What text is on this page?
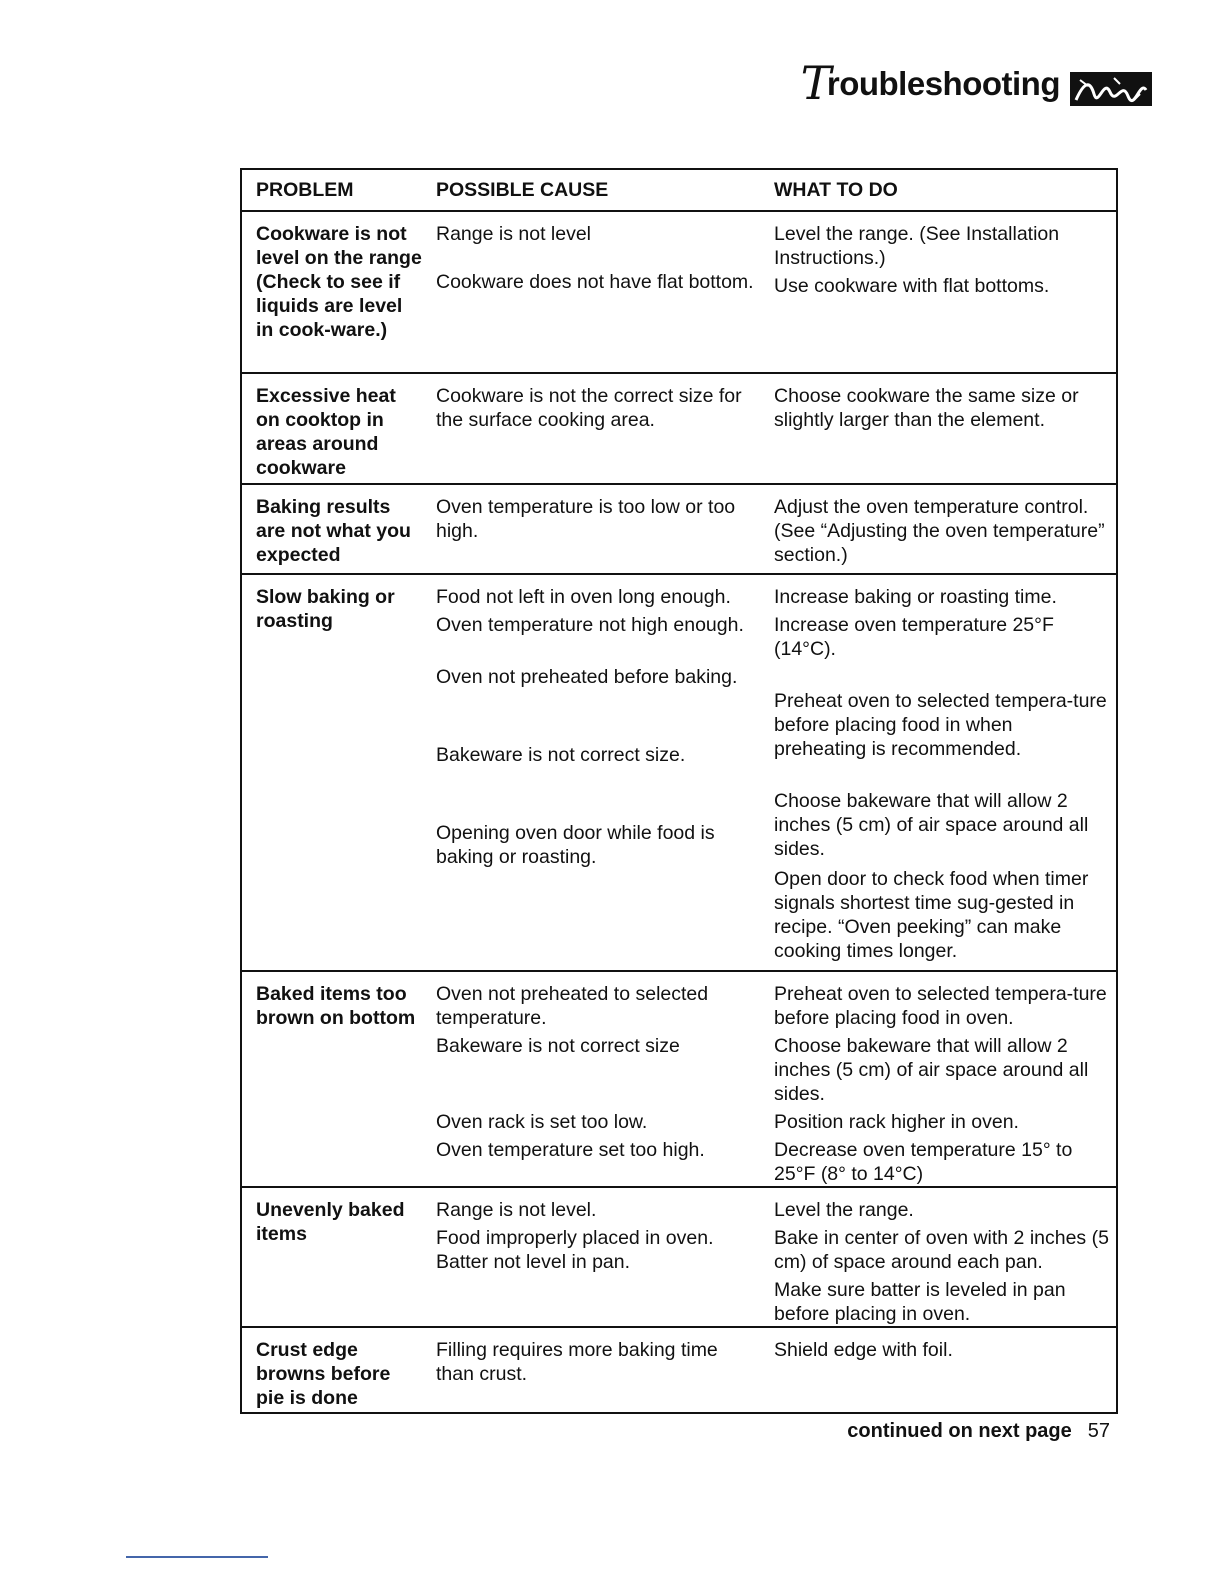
Troubleshooting
PROBLEM	POSSIBLE CAUSE	WHAT TO DO
Cookware is not level on the range (Check to see if liquids are level in cook-ware.)

Range is not level

Cookware does not have flat bottom.

Level the range. (See Installation Instructions.)

Use cookware with flat bottoms.

Excessive heat on cooktop in areas around cookware

Cookware is not the correct size for the surface cooking area.

Choose cookware the same size or slightly larger than the element.

Baking results are not what you expected

Oven temperature is too low or too high.

Adjust the oven temperature control. (See “Adjusting the oven temperature” section.)

Slow baking or roasting

Food not left in oven long enough.

Oven temperature not high enough.

Oven not preheated before baking.

Bakeware is not correct size.

Opening oven door while food is baking or roasting.

Increase baking or roasting time.

Increase oven temperature 25°F (14°C).

Preheat oven to selected tempera-ture before placing food in when preheating is recommended.

Choose bakeware that will allow 2 inches (5 cm) of air space around all sides.

Open door to check food when timer signals shortest time sug-gested in recipe. “Oven peeking” can make cooking times longer.

Baked items too brown on bottom

Oven not preheated to selected temperature.

Bakeware is not correct size

Oven rack is set too low.

Oven temperature set too high.

Preheat oven to selected tempera-ture before placing food in oven.

Choose bakeware that will allow 2 inches (5 cm) of air space around all sides.

Position rack higher in oven.

Decrease oven temperature 15° to 25°F (8° to 14°C)

Unevenly baked items

Range is not level.

Food improperly placed in oven.

Batter not level in pan.

Level the range.

Bake in center of oven with 2 inches (5 cm) of space around each pan.

Make sure batter is leveled in pan before placing in oven.

Crust edge browns before pie is done

Filling requires more baking time than crust.

Shield edge with foil.

continued on next page 57
